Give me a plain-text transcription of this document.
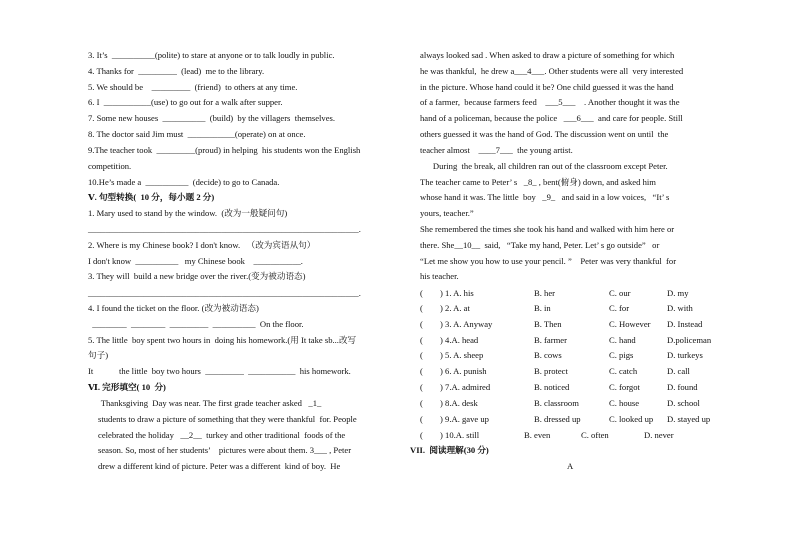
3. It’s  __________(polite) to stare at anyone or to talk loudly in public.
4. Thanks for  _________  (lead)  me to the library.
5. We should be    _________  (friend)  to others at any time.
6. I  ___________(use) to go out for a walk after supper.
7. Some new houses  __________  (build)  by the villagers  themselves.
8. The doctor said Jim must  ___________(operate) on at once.
9.The teacher took  _________(proud) in helping  his students won the English
competition.
10.He’s made a  __________  (decide) to go to Canada.
Ⅴ. 句型转换(  10 分，每小题 2 分)
1. Mary used to stand by the window.  (改为一般疑问句)
_______________________________________________________________.
2. Where is my Chinese book? I don't know.   （改为宾语从句）
I don't know  __________   my Chinese book    ___________.
3. They will  build a new bridge over the river.(变为被动语态)
_______________________________________________________________.
4. I found the ticket on the floor. (改为被动语态)
________  ________  _________  __________  On the floor.
5. The little  boy spent two hours in  doing his homework.(用 It take sb...改写
句子)
It            the little  boy two hours  _________  ___________  his homework.
Ⅵ. 完形填空( 10  分)
Thanksgiving  Day was near. The first grade teacher asked   _1_
students to draw a picture of something that they were thankful  for. People
celebrated the holiday   __2__  turkey and other traditional  foods of the
season. So, most of her students’    pictures were about them. 3___ , Peter
drew a different kind of picture. Peter was a different  kind of boy.  He
always looked sad . When asked to draw a picture of something for which
he was thankful,  he drew a___4___. Other students were all  very interested
in the picture. Whose hand could it be? One child guessed it was the hand
of a farmer,  because farmers feed    ___5___    . Another thought it was the
hand of a policeman, because the police   ___6___  and care for people. Still
others guessed it was the hand of God. The discussion went on until  the
teacher almost    ____7___  the young artist.
During  the break, all children ran out of the classroom except Peter.
The teacher came to Peter’ s   _8_ , bent(俯身) down, and asked him
whose hand it was. The little  boy   _9_   and said in a low voices,   “It’ s
yours, teacher.”
She remembered the times she took his hand and walked with him here or
there. She__10__  said,   “Take my hand, Peter. Let’ s go outside”   or
“Let me show you how to use your pencil. ”    Peter was very thankful  for
his teacher.

(        ) 1. A. his

	B. her

	C. our

	D. my

(        ) 2. A. at

	B. in

	C. for

	D. with

(        ) 3. A. Anyway

	B. Then

	C. However

D. Instead

(        ) 4.A. head

	B. farmer

	C. hand

	D.policeman

(        ) 5. A. sheep

	B. cows

	C. pigs

	D. turkeys

(        ) 6. A. punish

	B. protect

	C. catch

	D. call

(        ) 7.A. admired

	B. noticed

	C. forgot

	D. found

(        ) 8.A. desk

	B. classroom

	C. house

	D. school

(        ) 9.A. gave up

	B. dressed up

	C. looked up

D. stayed up

(        ) 10.A. still

	B. even

	C. often

	D. never

VII.  阅读理解(30 分)
A
